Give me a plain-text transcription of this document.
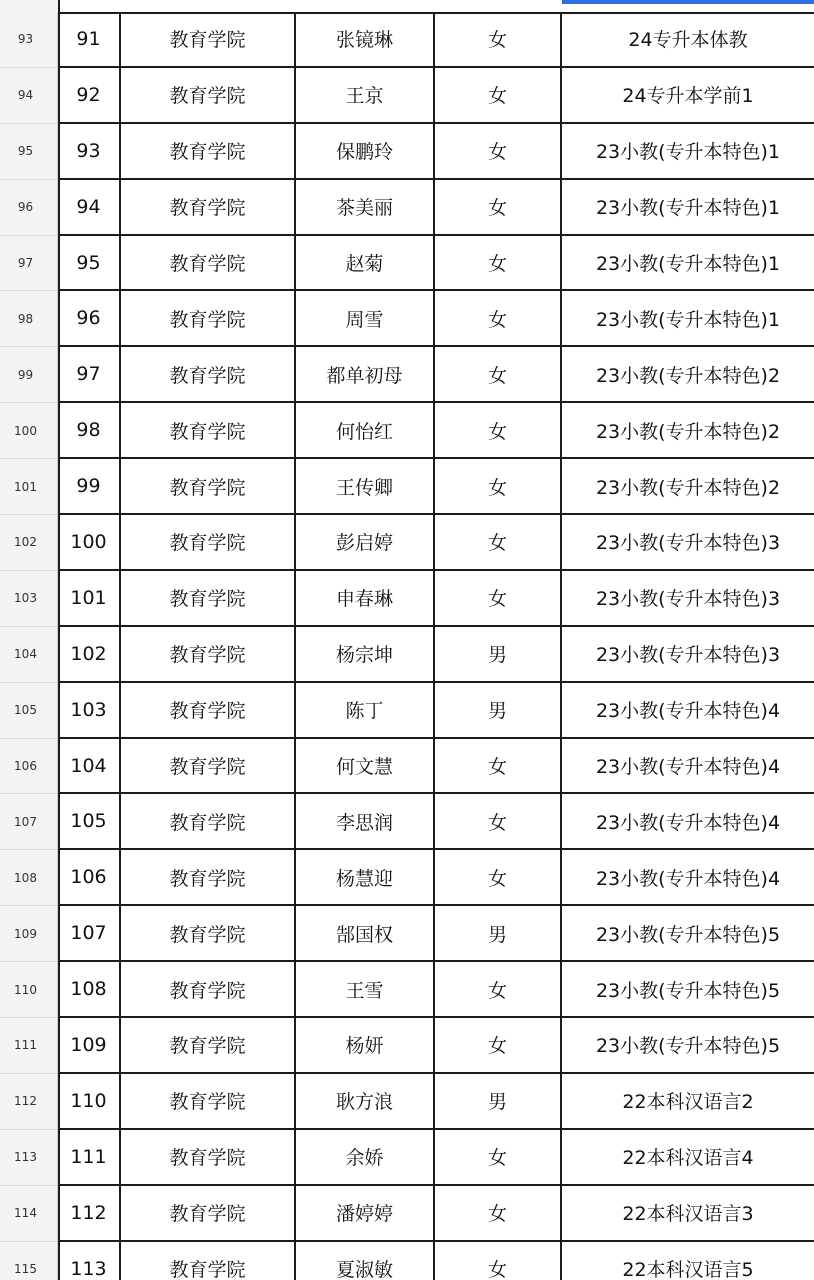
93	91	教育学院	张镜琳	女	24专升本体教
94	92	教育学院	王京	女	24专升本学前1
95	93	教育学院	保鹏玲	女	23小教(专升本特色)1
96	94	教育学院	茶美丽	女	23小教(专升本特色)1
97	95	教育学院	赵菊	女	23小教(专升本特色)1
98	96	教育学院	周雪	女	23小教(专升本特色)1
99	97	教育学院	都单初母	女	23小教(专升本特色)2
100	98	教育学院	何怡红	女	23小教(专升本特色)2
101	99	教育学院	王传卿	女	23小教(专升本特色)2
102	100	教育学院	彭启婷	女	23小教(专升本特色)3
103	101	教育学院	申春琳	女	23小教(专升本特色)3
104	102	教育学院	杨宗坤	男	23小教(专升本特色)3
105	103	教育学院	陈丁	男	23小教(专升本特色)4
106	104	教育学院	何文慧	女	23小教(专升本特色)4
107	105	教育学院	李思润	女	23小教(专升本特色)4
108	106	教育学院	杨慧迎	女	23小教(专升本特色)4
109	107	教育学院	郜国权	男	23小教(专升本特色)5
110	108	教育学院	王雪	女	23小教(专升本特色)5
111	109	教育学院	杨妍	女	23小教(专升本特色)5
112	110	教育学院	耿方浪	男	22本科汉语言2
113	111	教育学院	余娇	女	22本科汉语言4
114	112	教育学院	潘婷婷	女	22本科汉语言3
115	113	教育学院	夏淑敏	女	22本科汉语言5
